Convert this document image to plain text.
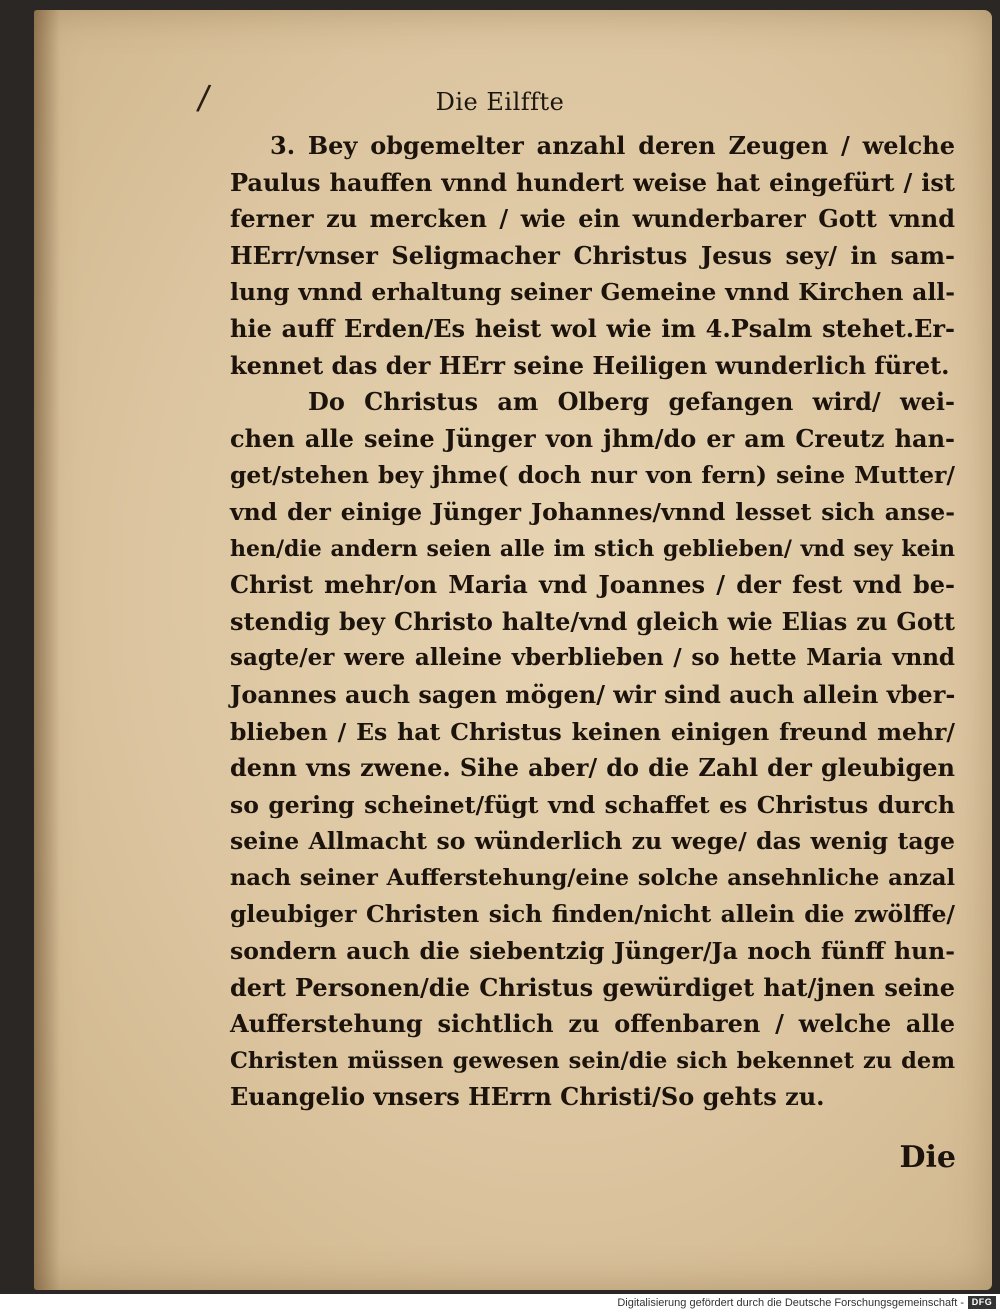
/	Die Eilffte
3. Bey obgemelter anzahl deren Zeugen / welche
Paulus hauffen vnnd hundert weise hat eingefürt / ist
ferner zu mercken / wie ein wunderbarer Gott vnnd
HErr/vnser Seligmacher Christus Jesus sey/ in sam-
lung vnnd erhaltung seiner Gemeine vnnd Kirchen all-
hie auff Erden/Es heist wol wie im 4.Psalm stehet.Er-
kennet das der HErr seine Heiligen wunderlich füret.
Do Christus am Olberg gefangen wird/ wei-
chen alle seine Jünger von jhm/do er am Creutz han-
get/stehen bey jhme( doch nur von fern) seine Mutter/
vnd der einige Jünger Johannes/vnnd lesset sich anse-
hen/die andern seien alle im stich geblieben/ vnd sey kein
Christ mehr/on Maria vnd Joannes / der fest vnd be-
stendig bey Christo halte/vnd gleich wie Elias zu Gott
sagte/er were alleine vberblieben / so hette Maria vnnd
Joannes auch sagen mögen/ wir sind auch allein vber-
blieben / Es hat Christus keinen einigen freund mehr/
denn vns zwene. Sihe aber/ do die Zahl der gleubigen
so gering scheinet/fügt vnd schaffet es Christus durch
seine Allmacht so wünderlich zu wege/ das wenig tage
nach seiner Aufferstehung/eine solche ansehnliche anzal
gleubiger Christen sich finden/nicht allein die zwölffe/
sondern auch die siebentzig Jünger/Ja noch fünff hun-
dert Personen/die Christus gewürdiget hat/jnen seine
Aufferstehung sichtlich zu offenbaren / welche alle
Christen müssen gewesen sein/die sich bekennet zu dem
Euangelio vnsers HErrn Christi/So gehts zu.
Die
Digitalisierung gefördert durch die Deutsche Forschungsgemeinschaft - DFG
